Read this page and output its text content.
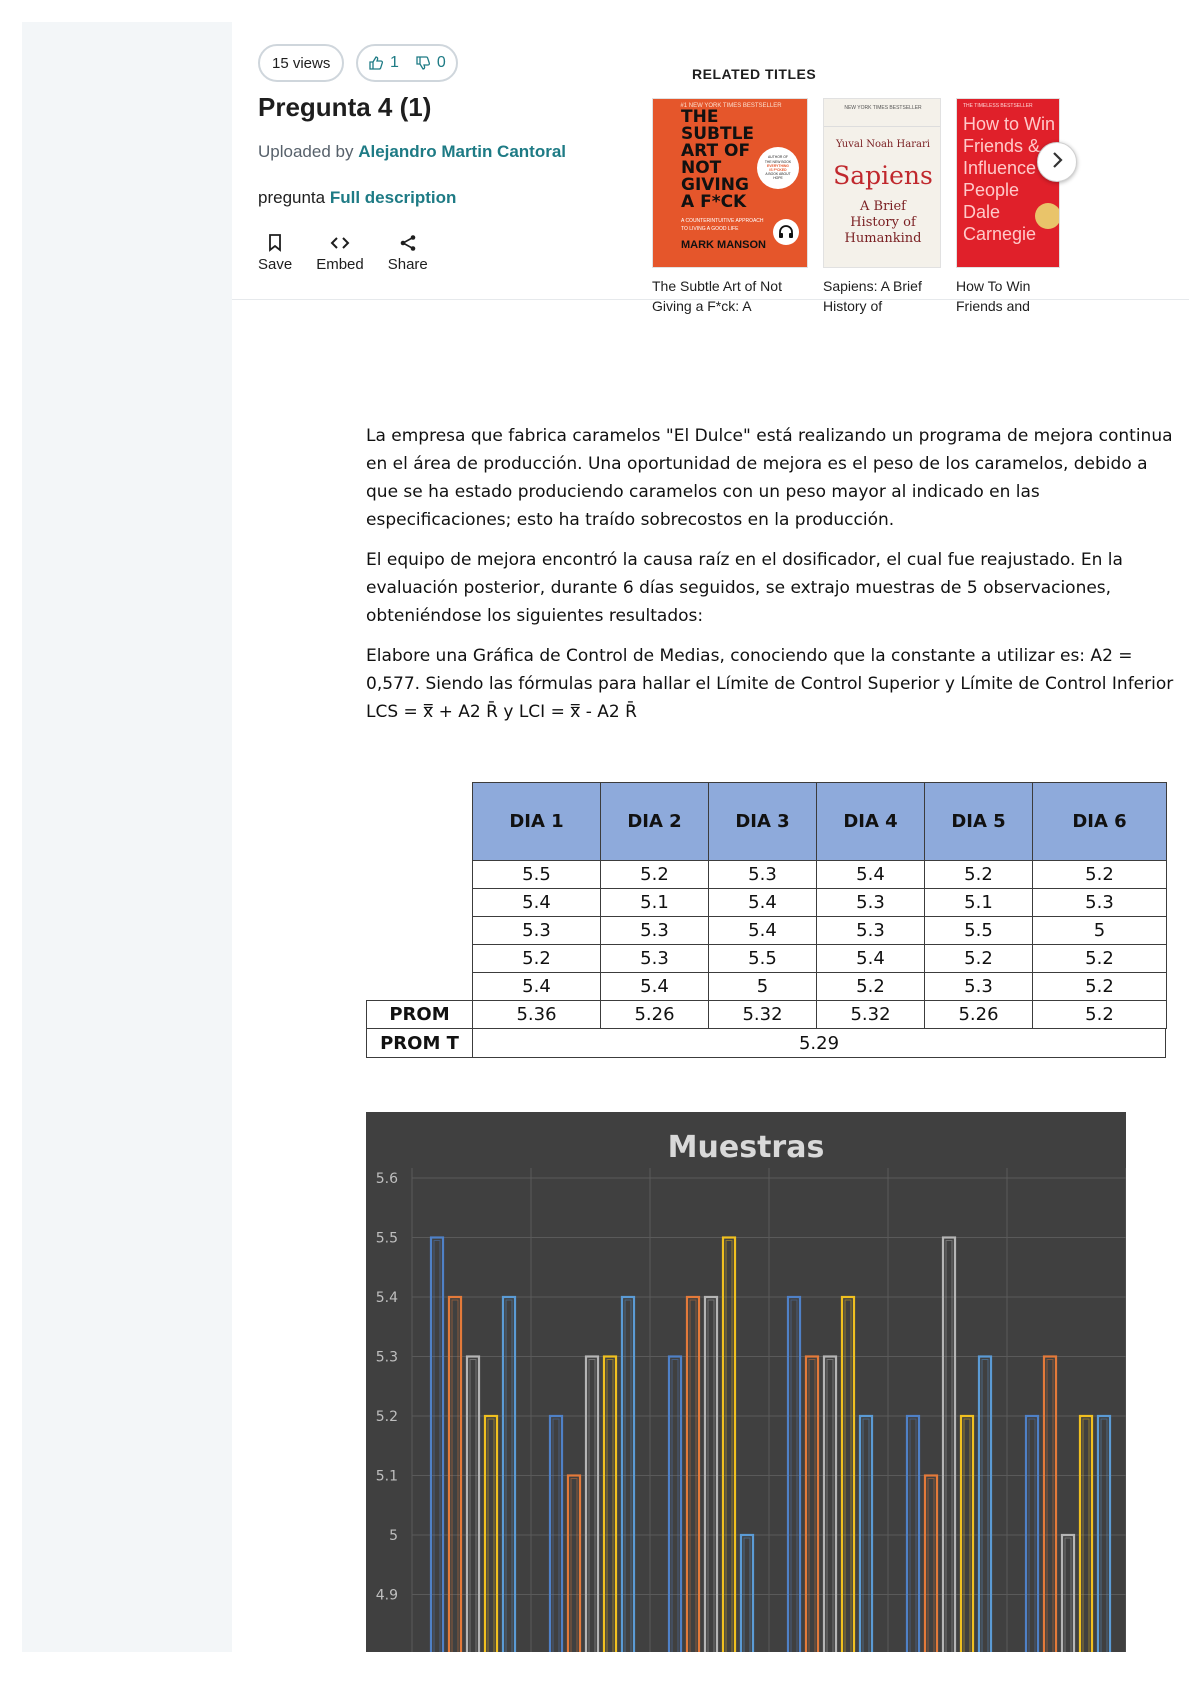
15 views	1 0
Pregunta 4 (1)
Uploaded by Alejandro Martin Cantoral
pregunta Full description
Save Embed Share
RELATED TITLES
#1 NEW YORK TIMES BESTSELLER
THE
SUBTLE
ART OF
NOT
GIVING
A F*CK
AUTHOR OF
THE NEW BOOK
EVERYTHING
IS F*CKED
A BOOK ABOUT
HOPE
A COUNTERINTUITIVE APPROACH
TO LIVING A GOOD LIFE
MARK MANSON
The Subtle Art of Not
Giving a F*ck: A
NEW YORK TIMES BESTSELLER
Yuval Noah Harari
Sapiens
A Brief
History of
Humankind
Sapiens: A Brief
History of
THE TIMELESS BESTSELLER
How to Win
Friends &
Influence
People
Dale
Carnegie
How To Win
Friends and

La empresa que fabrica caramelos "El Dulce" está realizando un programa de mejora continua
en el área de producción. Una oportunidad de mejora es el peso de los caramelos, debido a
que se ha estado produciendo caramelos con un peso mayor al indicado en las
especificaciones; esto ha traído sobrecostos en la producción.

El equipo de mejora encontró la causa raíz en el dosificador, el cual fue reajustado. En la
evaluación posterior, durante 6 días seguidos, se extrajo muestras de 5 observaciones,
obteniéndose los siguientes resultados:

Elabore una Gráfica de Control de Medias, conociendo que la constante a utilizar es: A2 =
0,577. Siendo las fórmulas para hallar el Límite de Control Superior y Límite de Control Inferior
LCS = x̿ + A2 R̄ y LCI = x̿ - A2 R̄

DIA 1	DIA 2	DIA 3	DIA 4	DIA 5	DIA 6
5.5	5.2	5.3	5.4	5.2	5.2
5.4	5.1	5.4	5.3	5.1	5.3
5.3	5.3	5.4	5.3	5.5	5
5.2	5.3	5.5	5.4	5.2	5.2
5.4	5.4	5	5.2	5.3	5.2
PROM	5.36	5.26	5.32	5.32	5.26	5.2
PROM T	5.29
Muestras
5.6
5.5
5.4
5.3
5.2
5.1
5
4.9
